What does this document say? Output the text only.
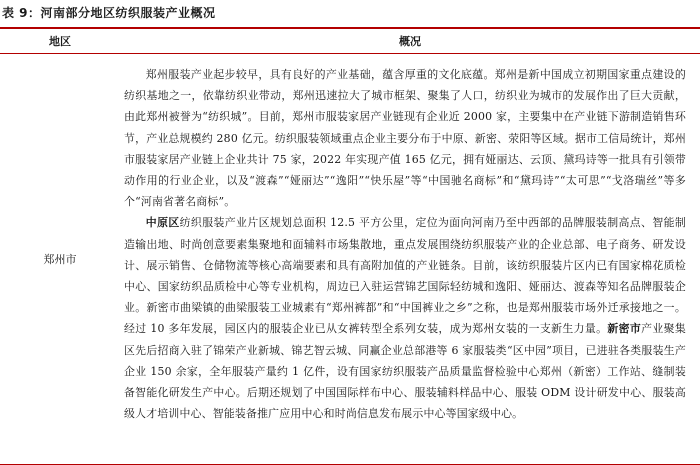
表 9：河南部分地区纺织服装产业概况
地区	概况
郑州市

郑州服装产业起步较早，具有良好的产业基础，蕴含厚重的文化底蕴。郑州是新中国成立初期国家重点建设的纺织基地之一，依靠纺织业带动，郑州迅速拉大了城市框架、聚集了人口，纺织业为城市的发展作出了巨大贡献，由此郑州被誉为“纺织城”。目前，郑州市服装家居产业链现有企业近 2000 家，主要集中在产业链下游制造销售环节，产业总规模约 280 亿元。纺织服装领域重点企业主要分布于中原、新密、荥阳等区域。据市工信局统计，郑州市服装家居产业链上企业共计 75 家，2022 年实现产值 165 亿元，拥有娅丽达、云顶、黛玛诗等一批具有引领带动作用的行业企业，以及“渡森”“娅丽达”“逸阳”“快乐屋”等“中国驰名商标”和“黛玛诗”“太可思”“戈洛瑞丝”等多个“河南省著名商标”。

中原区纺织服装产业片区规划总面积 12.5 平方公里，定位为面向河南乃至中西部的品牌服装制高点、智能制造输出地、时尚创意要素集聚地和面辅料市场集散地，重点发展围绕纺织服装产业的企业总部、电子商务、研发设计、展示销售、仓储物流等核心高端要素和具有高附加值的产业链条。目前，该纺织服装片区内已有国家棉花质检中心、国家纺织品质检中心等专业机构，周边已入驻运营锦艺国际轻纺城和逸阳、娅丽达、渡森等知名品牌服装企业。新密市曲梁镇的曲梁服装工业城素有“郑州裤都”和“中国裤业之乡”之称，也是郑州服装市场外迁承接地之一。经过 10 多年发展，园区内的服装企业已从女裤转型全系列女装，成为郑州女装的一支新生力量。新密市产业聚集区先后招商入驻了锦荣产业新城、锦艺智云城、同赢企业总部港等 6 家服装类“区中园”项目，已进驻各类服装生产企业 150 余家，全年服装产量约 1 亿件，设有国家纺织服装产品质量监督检验中心郑州（新密）工作站、缝制装备智能化研发生产中心。后期还规划了中国国际样布中心、服装辅料样品中心、服装 ODM 设计研发中心、服装高级人才培训中心、智能装备推广应用中心和时尚信息发布展示中心等国家级中心。
